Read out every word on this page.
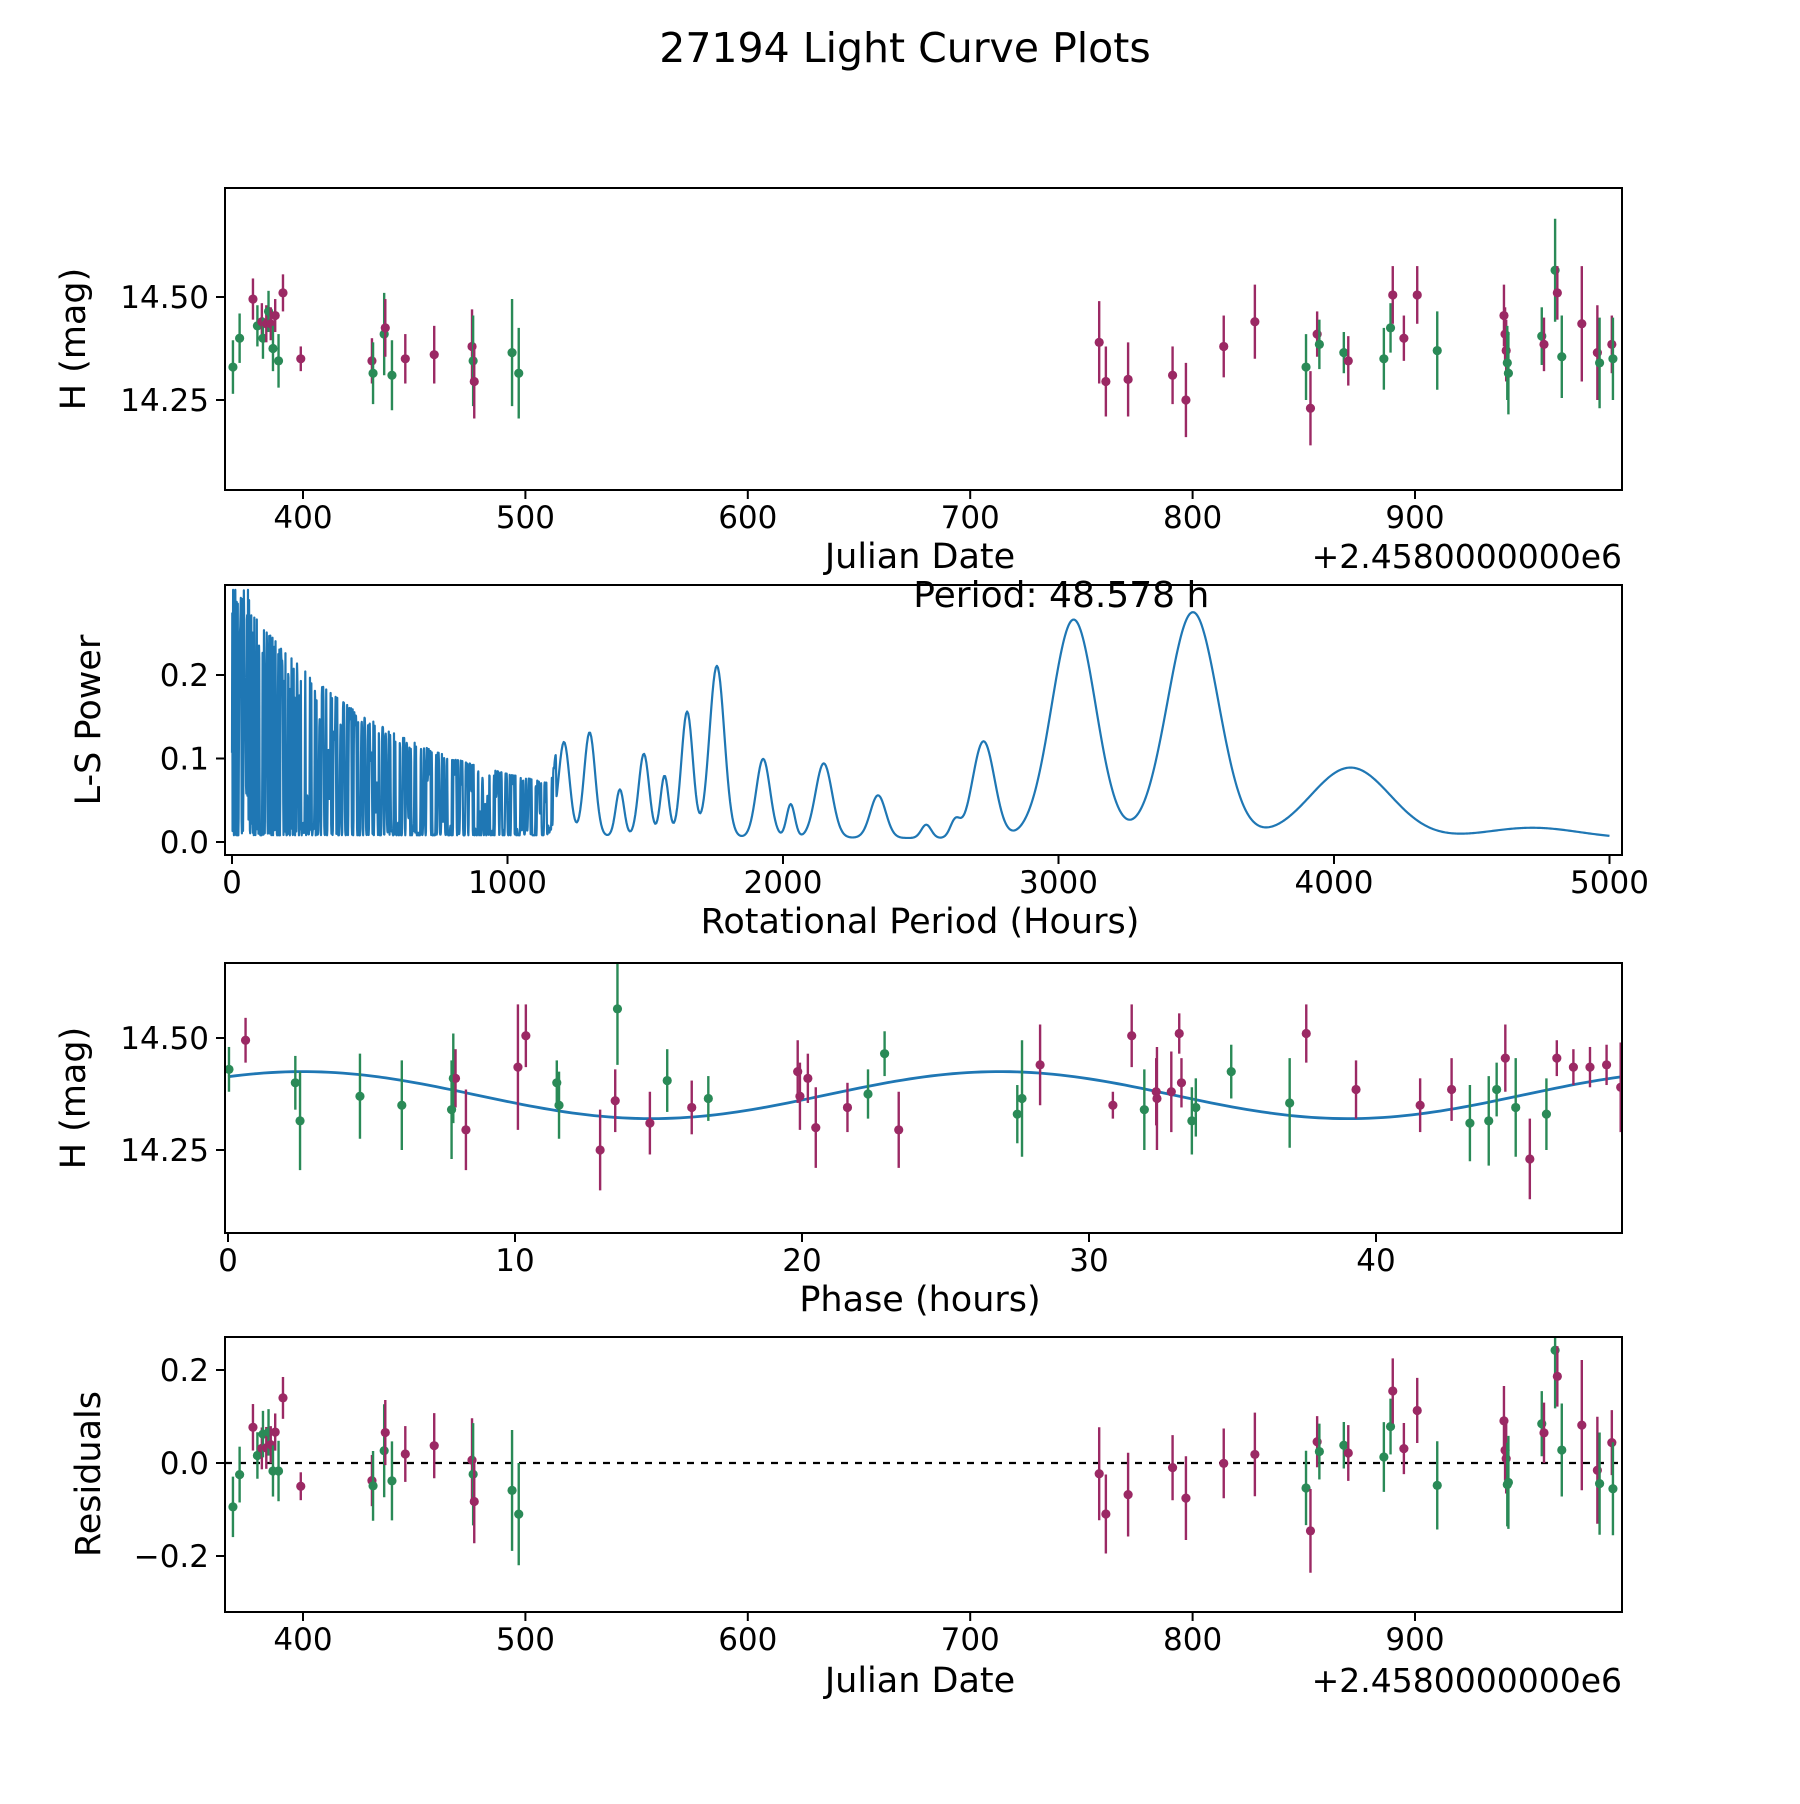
Period: 48.578 h
400	500	600	700	800	900
14.25
14.50
Julian Date	+2.4580000000e6
H (mag)
0	1000	2000	3000	4000	5000
0.0
0.1
0.2
Rotational Period (Hours)
L-S Power
0	10	20	30	40
14.25
14.50
Phase (hours)
H (mag)
400	500	600	700	800	900
−0.2
0.0
0.2
Julian Date	+2.4580000000e6
Residuals
27194 Light Curve Plots
